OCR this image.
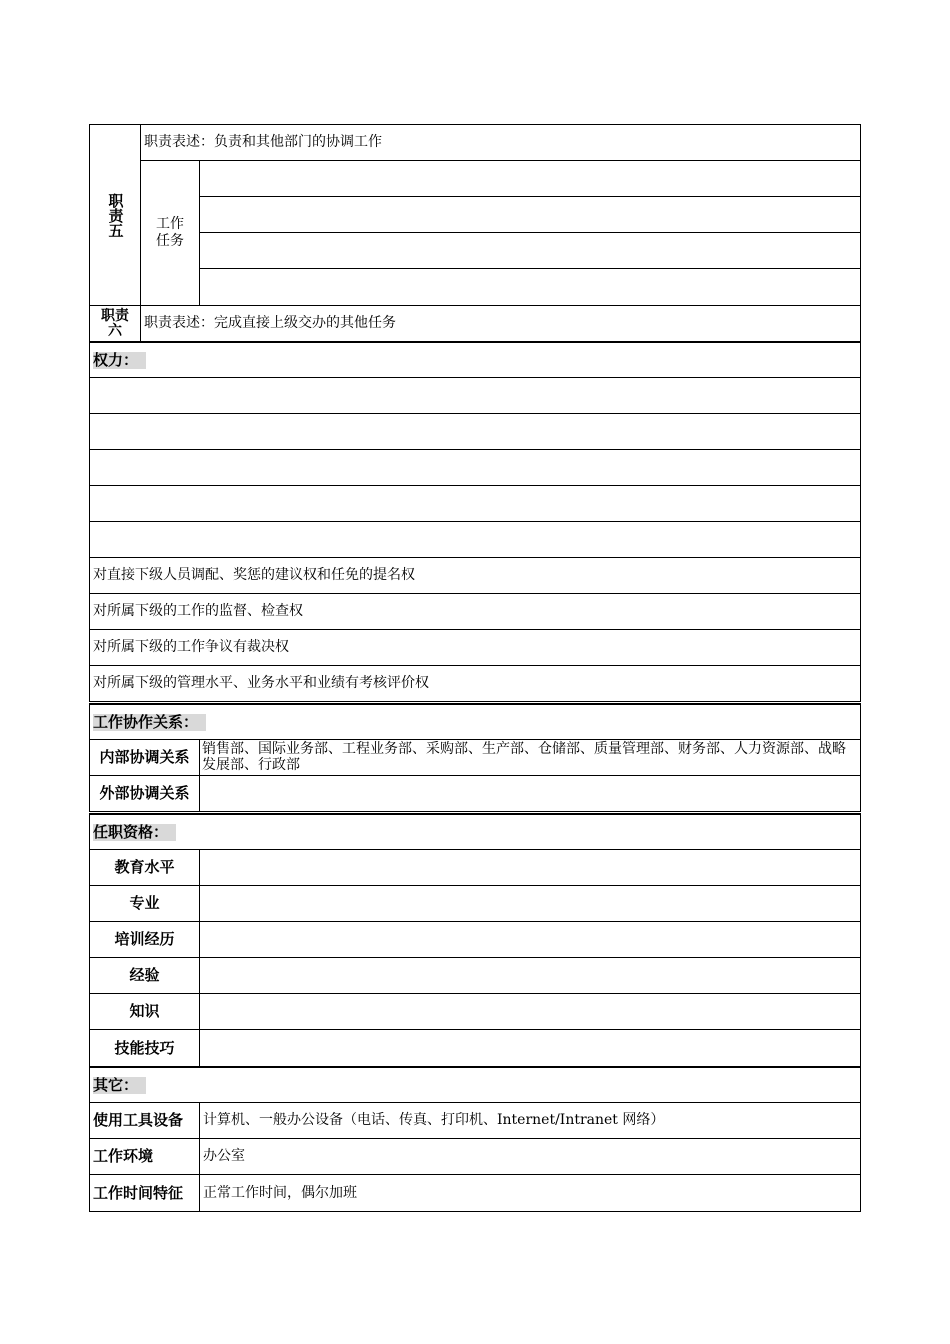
职责五
职责表述：负责和其他部门的协调工作
工作任务
职责六	职责表述：完成直接上级交办的其他任务
权力：
对直接下级人员调配、奖惩的建议权和任免的提名权
对所属下级的工作的监督、检查权
对所属下级的工作争议有裁决权
对所属下级的管理水平、业务水平和业绩有考核评价权
工作协作关系：
内部协调关系 销售部、国际业务部、工程业务部、采购部、生产部、仓储部、质量管理部、财务部、人力资源部、战略发展部、行政部
外部协调关系
任职资格：
教育水平
专业
培训经历
经验
知识
技能技巧
其它：
使用工具设备 计算机、一般办公设备（电话、传真、打印机、Internet/Intranet 网络）
工作环境	办公室
工作时间特征 正常工作时间，偶尔加班
